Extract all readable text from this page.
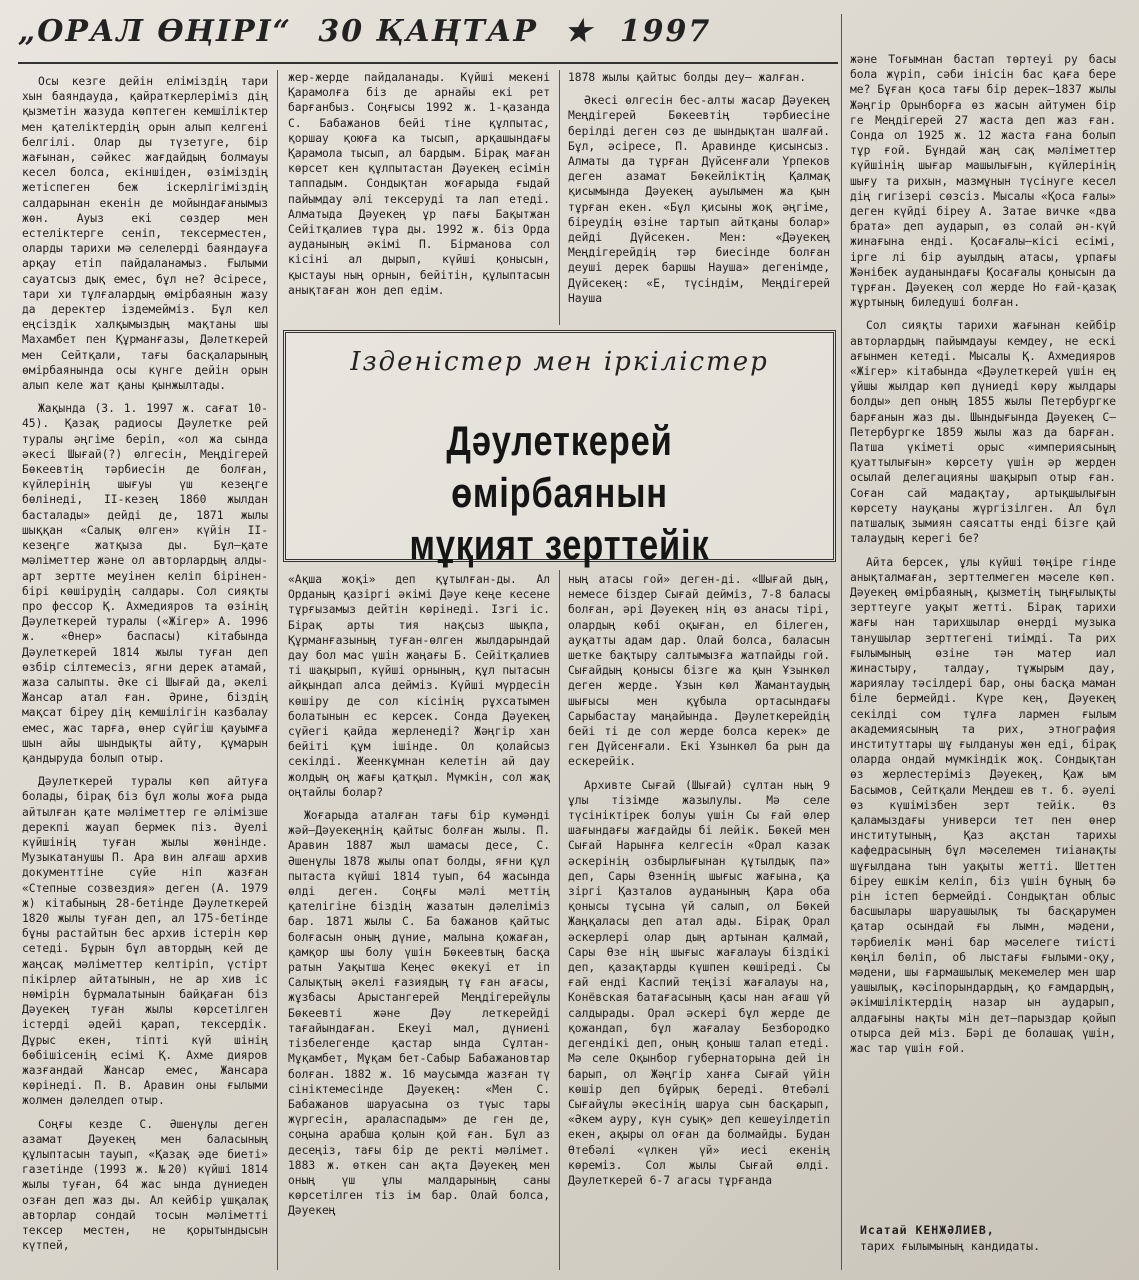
„ОРАЛ ӨҢІРІ“ 30 ҚАҢТАР ★ 1997

Осы кезге дейін еліміздің тари хын баяндауда, қайраткерлерімiз дің қызметін жазуда көптеген кемшіліктер мен қателіктердің орын алып келгені белгілі. Олар ды түзетуге, бір жағынан, сәйкес жағдайдың болмауы кесел болса, екіншіден, өзіміздің жетіспеген беж іскерлігіміздің салдарынан екенін де мойындағанымыз жөн. Ауыз екі сөздер мен естеліктерге сеніп, тексерместен, оларды тарихи мә селелерді баяндауға арқау етіп пайдаланамыз. Ғылыми сауатсыз дық емес, бұл не? Әсіресе, тари хи тұлғалардың өмірбаянын жазу да деректер іздемейміз. Бұл кел еңсіздік халқымыздың мақтаны шы Махамбет пен Құрманғазы, Дәлеткерей мен Сейтқали, тағы басқаларының өмірбаянында осы күнге дейін орын алып келе жат қаны қынжылтады.

Жақында (3. 1. 1997 ж. сағат 10-45). Қазақ радиосы Дәулетке рей туралы әңгіме беріп, «ол жа сында әкесі Шығай(?) өлгесін, Меңдігерей Бөкеевтің тәрбиесін де болған, күйлерінің шығуы үш кезеңге бөлінеді, II-кезең 1860 жылдан басталады» дейді де, 1871 жылы шыққан «Салық өлген» күйін II-кезеңге жатқыза ды. Бұл—қате мәліметтер және ол авторлардың алды-арт зертте меуінен келіп бірінен-бірі көшірудің салдары. Сол сияқты про фессор Қ. Ахмедияров та өзінің Дәулеткерей туралы («Жігер» А. 1996 ж. «Өнер» баспасы) кітабында Дәулеткерей 1814 жылы туған деп өзбір сілтемесіз, ягни дерек атамай, жаза салыпты. Әке сі Шығай да, әкелі Жансар атал ған. Әрине, біздің мақсат біреу дің кемшілігін казбалау емес, жас тарға, өнер сүйгіш қауымға шын айы шындықты айту, құмарын қандыруда болып отыр.

Дәулеткерей туралы көп айтуға болады, бірақ біз бұл жолы жоға рыда айтылған қате мәліметтер ге әлімізше дерекпі жауап бермек піз. Әуелі күйшінің туған жылы жөнінде. Музыкатанушы П. Ара вин алғаш архив документтіне сүйе ніп жазған «Степные созвездия» деген (А. 1979 ж) кітабының 28-бетінде Дәулеткерей 1820 жылы туған деп, ал 175-бетінде бұны растайтын бес архив істерін көр сетеді. Бұрын бұл автордың кей де жаңсақ мәліметтер келтіріп, үстірт пікірлер айтатынын, не ар хив іс нөмірін бұрмалатынын байқаған біз Дәуекең туған жылы көрсетілген істерді әдейі қарап, тексердік. Дұрыс екен, тіпті күй шінің бөбішісенің есімі Қ. Ахме дияров жазғандай Жансар емес, Жансара көрінеді. П. В. Аравин оны ғылыми жолмен дәлелдеп отыр.

Соңғы кезде С. Әшенұлы деген азамат Дәуекең мен баласының құлыптасын тауып, «Қазақ әде биеті» газетінде (1993 ж. №20) күйші 1814 жылы туған, 64 жас ында дүниеден озған деп жаз ды. Ал кейбір ұшқалақ авторлар сондай тосын мәліметті тексер местен, не қорытындысын күтпей,

жер-жерде пайдаланады. Күйші мекені Қарамолға біз де арнайы екі рет барғанбыз. Соңғысы 1992 ж. 1-қазанда С. Бабажанов бейі тіне құлпытас, қоршау қоюға ка тысып, арқашындағы Қарамола тысып, ал бардым. Бірақ маған көрсет кен құлпытастан Дәуекең есімін таппадым. Сондықтан жоғарыда ғыдай пайымдау әлі тексеруді та лап етеді. Алматыда Дәуекең ұр пағы Бақытжан Сейітқалиев тұра ды. 1992 ж. біз Орда ауданының әкімі П. Бірманова сол кісіні ал дырып, күйші қонысын, қыстауы ның орнын, бейітін, құлыптасын анықтаған жон деп едім.

1878 жылы қайтыс болды деу— жалған.

Әкесі өлгесін бес-алты жасар Дәуекең Меңдігерей Бөкеевтің тәрбиесіне берілді деген сөз де шындықтан шалғай. Бұл, әсіресе, П. Аравинде қисынсыз. Алматы да тұрған Дүйсенғали Үрпеков деген азамат Бөкейліктің Қалмақ қисымында Дәуекең ауылымен жа қын тұрған екен. «Бұл қисыны жоқ әңгіме, біреудің өзіне тартып айтқаны болар» дейді Дүйсекен. Мен: «Дәуекең Меңдігерейдің тәр биесінде болған деуші дерек баршы Наушa» дегенімде, Дүйсекең: «Е, түсіндім, Меңдігерей Науша

Ізденістер мен іркілістер
Дәулеткерей өмірбаянын
мұқият зерттейік

«Ақша жоқі» деп құтылған-ды. Ал Орданың қазіргі әкімі Дәуе кеңе кесене тұрғызамыз дейтін көрінеді. Ізгі іс. Бірақ арты тия нақсыз шықпа, Құрманғазының туған-өлген жылдарындай дау бол мас үшін жаңағы Б. Сейітқалиев ті шақырып, күйші орнының, құл пытасын айқындап алса дейміз. Күйші мүрдесін көшіру де сол кісінің рұхсатымен болатынын ес керсек. Сонда Дәуекең сүйегі қайда жерленеді? Жәңгір хан бейіті құм ішінде. Ол қолайсыз секілді. Жеенкұмнан келетін ай дау жолдың оң жағы қатқыл. Мүмкін, сол жақ оңтайлы болар?

Жоғарыда аталған тағы бір кумәнді жәй—Дәуекеңнің қайтыс болған жылы. П. Аравин 1887 жыл шамасы десе, С. Әшенұлы 1878 жылы опат болды, яғни құл пытаста күйші 1814 туып, 64 жасында өлді деген. Соңғы мәлі меттің қателігіне біздің жазатын дәлеліміз бар. 1871 жылы С. Ба бажанов қайтыс болғасын оның дүние, малына қожаған, қамқор шы болу үшін Бөкеевтың басқа ратын Уақытша Кеңес өкекуі ет іп Салықтың әкелі ғазиядың тұ ған ағасы, жұзбасы Арыстангерей Меңдігерейұлы Бөкеевті және Дәу леткерейді тағайындаған. Екеуі мал, дүниені тізбелегенде қастар ында Сұлтан-Мұқамбет, Мұқам бет-Сабыр Бабажановтар болған. 1882 ж. 16 маусымда жазған тү сініктемесінде Дәуекең: «Мен С. Бабажанов шаруасына оз түыс тары жүргесін, араласпадым» де ген де, соңына арабша қолын қой ған. Бұл аз десеңіз, тағы бір де ректі мәлімет. 1883 ж. өткен сан ақта Дәуекең мен оның үш ұлы малдарының саны көрсетілген тіз ім бар. Олай болса, Дәуекең

ның атасы гой» деген-ді. «Шығай дың, немесе біздер Сығай дейміз, 7-8 баласы болған, әрі Дәуекең нің өз анасы тірі, олардың көбі оқыған, ел білеген, ауқатты адам дар. Олай болса, баласын шетке бақтыру салтымызға жатпайды гой. Сығайдың қонысы бізге жа қын Ұзынкөл деген жерде. Ұзын көл Жамантаудың шығысы мен құбыла ортасындағы Сарыбастау маңайында. Дәулеткерейдің бейі ті де сол жерде болса керек» де ген Дүйсенғали. Екі Ұзынкөл ба рын да ескерейік.

Архивте Сығай (Шығай) сұлтан ның 9 ұлы тізімде жазылулы. Мә селе түсініктірек болуы үшін Сы ғай өлер шағындағы жағдайды бі лейік. Бөкей мен Сығай Нарынға келгесін «Орал казак әскерінің озбырлығынан құтылдық па» деп, Сары Өзеннің шығыс жағына, қа зіргі Қазталов ауданының Қара оба қонысы тұсына үй салып, ол Бөкей Жаңқаласы деп атал ады. Бірақ Орал әскерлері олар дың артынан қалмай, Сары Өзе нің шығыс жағалауы біздікі деп, қазақтарды күшпен көшіреді. Сы ғай енді Каспий теңізі жағалауы на, Конёвская батағасының қасы нан ағаш үй салдырады. Орал әскері бұл жерде де қожандап, бұл жағалау Безбородко дегендікі деп, оның қоныш талап етеді. Мә селе Оқынбор губернаторына дей ін барып, ол Жәңгір ханға Сығай үйін көшір деп бұйрық береді. Өтебәлі Сығайұлы әкесінің шаруа сын басқарып, «Әкем ауру, күн суық» деп кешеуілдетіп екен, ақыры ол оған да болмайды. Будан Өтебәлі «үлкен үй» иесі екенің көреміз. Сол жылы Сығай өлді. Дәулеткерей 6-7 агасы тұрғанда

және Тоғымнан бастап төртеуі ру басы бола жүріп, сәби інісін бас қаға бере ме? Бұған қоса тағы бір дерек—1837 жылы Жәңгір Орынборға өз жасын айтумен бір ге Меңдігерей 27 жаста деп жаз ған. Сонда ол 1925 ж. 12 жаста ғана болып тұр ғой. Бұндай жаң сақ мәліметтер күйшінің шығар машылығын, күйлерінің шығу та рихын, мазмұнын түсінуге кесел дің гигізері сөзсіз. Мысалы «Қоса ғалы» деген күйді біреу А. Затае вичке «два брата» деп аударып, өз солай ән-күй жинағына енді. Қосағалы—кісі есімі, ірге лі бір ауылдың атасы, ұрпағы Жәнібек ауданындағы Қосағалы қонысын да тұрған. Дәуекең сол жерде Но ғай-қазақ жұртының биледуші болған.

Сол сияқты тарихи жағынан кейбір авторлардың пайымдауы кемдеу, не ескі ағынмен кетеді. Мысалы Қ. Ахмедияров «Жігер» кітабында «Дәулеткерей үшін ең ұйшы жылдар көп дүниеді көру жылдары болды» деп оның 1855 жылы Петербургке барғанын жаз ды. Шындығында Дәуекең С—Петербургке 1859 жылы жаз да барған. Патша үкіметі орыс «империясының қуаттылығын» көрсету үшін әр жерден осылай делегацияны шақырып отыр ған. Соған сай мадақтау, артықшылығын көрсету науқаны жүргізілген. Ал бұл патшалық зымиян саясатты енді бізге қай талаудың керегі бе?

Айта берсек, ұлы күйші төңіре гінде анықталмаған, зерттелмеген мәселе көп. Дәуекең өмірбаяның, қызметің тыңғылықты зерттеуге уақыт жетті. Бірақ тарихи жағы нан тарихшылар өнерді музыка танушылар зерттегені тиімді. Та рих ғылымының өзіне тән матер иал жинастыру, талдау, тұжырым дау, жариялау тәсілдері бар, оны басқа маман біле бермейді. Күре кең, Дәуекең секілді сом тұлға лармен ғылым академиясының та рих, этнография институттары шұ ғылдануы жөн еді, бірақ оларда ондай мүмкіндік жоқ. Сондықтан өз жерлестеріміз Дәуекең, Қаж ым Басымов, Сейтқали Меңдеш ев т. б. әуелі өз күшімізбен зерт тейік. Өз қаламыздағы универси тет пен өнер институтының, Қаз ақстан тарихы кафедрасының бұл мәселемен тиіанақты шұғылдана тын уақыты жетті. Шеттен біреу ешкім келіп, біз үшін бұның бә рін істеп бермейді. Сондықтан облыс басшылары шаруашылық ты басқарумен қатар осындай ғы лымн, мәдени, тәрбиелік мәні бар мәселеге тиісті көңіл бөліп, об лыстағы ғылыми-оқу, мәдени, шы ғармашылық мекемелер мен шар уашылық, кәсіпорындардың, қо ғамдардың, әкімшіліктердің назар ын аударып, алдағыны нақты мін дет—парыздар қойып отырса дей міз. Бәрі де болашақ үшін, жас тар үшін ғой.

Исатай КЕНЖӘЛИЕВ,
тарих ғылымының кандидаты.
